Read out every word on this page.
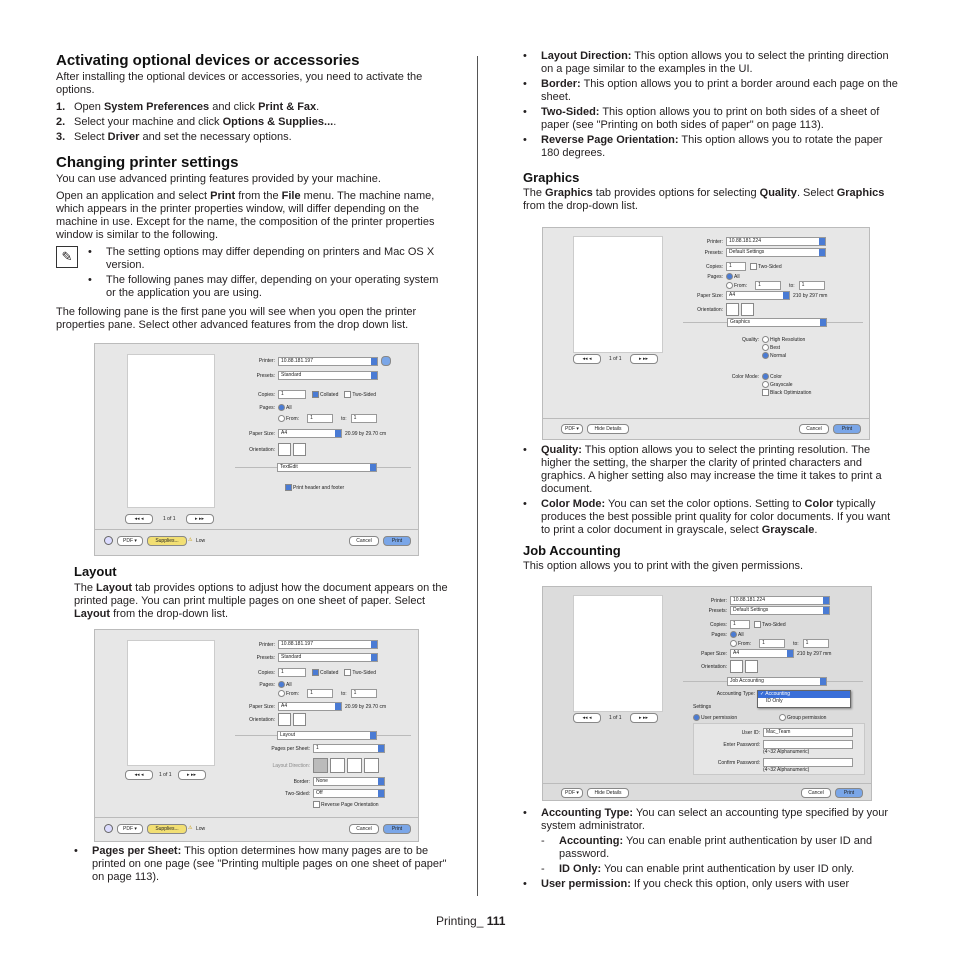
Activating optional devices or accessories

After installing the optional devices or accessories, you need to activate the options.

1. Open System Preferences and click Print & Fax.
2. Select your machine and click Options & Supplies....
3. Select Driver and set the necessary options.
Changing printer settings

You can use advanced printing features provided by your machine.

Open an application and select Print from the File menu. The machine name, which appears in the printer properties window, will differ depending on the machine in use. Except for the name, the composition of the printer properties window is similar to the following.

✎	•	The setting options may differ depending on printers and Mac OS X version.
•	The following panes may differ, depending on your operating system or the application you are using.

The following pane is the first pane you will see when you open the printer properties pane. Select other advanced features from the drop down list.

Layout

The Layout tab provides options to adjust how the document appears on the printed page. You can print multiple pages on one sheet of paper. Select Layout from the drop-down list.

•	Pages per Sheet: This option determines how many pages are to be printed on one page (see "Printing multiple pages on one sheet of paper" on page 113).
•	Layout Direction: This option allows you to select the printing direction on a page similar to the examples in the UI.
•	Border: This option allows you to print a border around each page on the sheet.
•	Two-Sided: This option allows you to print on both sides of a sheet of paper (see "Printing on both sides of paper" on page 113).
•	Reverse Page Orientation: This option allows you to rotate the paper 180 degrees.
Graphics

The Graphics tab provides options for selecting Quality. Select Graphics from the drop-down list.

•	Quality: This option allows you to select the printing resolution. The higher the setting, the sharper the clarity of printed characters and graphics. A higher setting also may increase the time it takes to print a document.
•	Color Mode: You can set the color options. Setting to Color typically produces the best possible print quality for color documents. If you want to print a color document in grayscale, select Grayscale.
Job Accounting

This option allows you to print with the given permissions.

•	Accounting Type: You can select an accounting type specified by your system administrator.
-	Accounting: You can enable print authentication by user ID and password.
-	ID Only: You can enable print authentication by user ID only.
•	User permission: If you check this option, only users with user
◂◂ ◂	1 of 1	▸ ▸▸
Printer:	10.88.181.197
Presets:	Standard
Copies:	1	Collated	Two-Sided
Pages: All
From:	1	to:	1
Paper Size:	A4	20.99 by 29.70 cm
Orientation:
TextEdit
Print header and footer
PDF ▾	Supplies...	⚠ Low	Cancel	Print
◂◂ ◂	1 of 1	▸ ▸▸
Printer:	10.88.181.197
Presets:	Standard
Copies:	1	Collated	Two-Sided
Pages: All
From:	1	to:	1
Paper Size:	A4	20.99 by 29.70 cm
Orientation:
Layout
Pages per Sheet:	1
Layout Direction:
Border:	None
Two-Sided:	Off
Reverse Page Orientation
PDF ▾	Supplies...	⚠ Low	Cancel	Print
◂◂ ◂	1 of 1	▸ ▸▸
Printer:	10.88.181.224
Presets:	Default Settings
Copies:	1	Two-Sided
Pages: All
From:	1	to:	1
Paper Size:	A4	210 by 297 mm
Orientation:
Graphics
Quality: High Resolution
Best
Normal
Color Mode: Color
Grayscale
Black Optimization
PDF ▾	Hide Details	Cancel	Print
◂◂ ◂	1 of 1	▸ ▸▸
Printer:	10.88.181.224
Presets:	Default Settings
Copies:	1	Two-Sided
Pages: All
From:	1	to:	1
Paper Size:	A4	210 by 297 mm
Orientation:
Job Accounting
Accounting Type:	✓ Accounting
ID Only
Settings
User permission	Group permission
User ID:	Mac_Team
Enter Password:
(4~32 Alphanumeric)
Confirm Password:
(4~32 Alphanumeric)
PDF ▾	Hide Details	Cancel	Print
Printing_ 111
